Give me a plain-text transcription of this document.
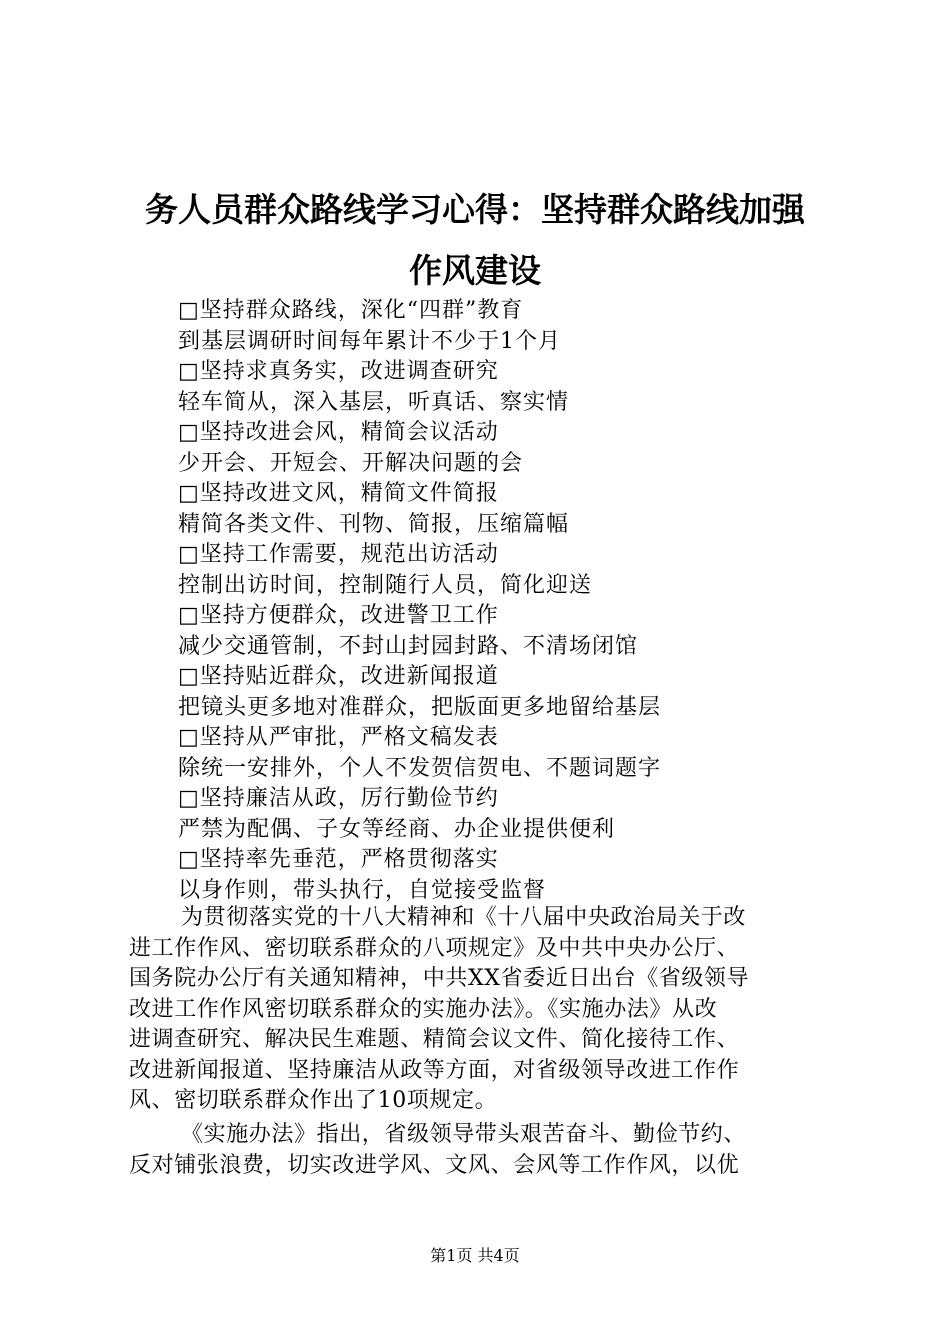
务人员群众路线学习心得：坚持群众路线加强
作风建设
□坚持群众路线，深化“四群”教育
到基层调研时间每年累计不少于1个月
□坚持求真务实，改进调查研究
轻车简从，深入基层，听真话、察实情
□坚持改进会风，精简会议活动
少开会、开短会、开解决问题的会
□坚持改进文风，精简文件简报
精简各类文件、刊物、简报，压缩篇幅
□坚持工作需要，规范出访活动
控制出访时间，控制随行人员，简化迎送
□坚持方便群众，改进警卫工作
减少交通管制，不封山封园封路、不清场闭馆
□坚持贴近群众，改进新闻报道
把镜头更多地对准群众，把版面更多地留给基层
□坚持从严审批，严格文稿发表
除统一安排外，个人不发贺信贺电、不题词题字
□坚持廉洁从政，厉行勤俭节约
严禁为配偶、子女等经商、办企业提供便利
□坚持率先垂范，严格贯彻落实
以身作则，带头执行，自觉接受监督
为贯彻落实党的十八大精神和《十八届中央政治局关于改
进工作作风、密切联系群众的八项规定》及中共中央办公厅、
国务院办公厅有关通知精神，中共XX省委近日出台《省级领导
改进工作作风密切联系群众的实施办法》。《实施办法》从改
进调查研究、解决民生难题、精简会议文件、简化接待工作、
改进新闻报道、坚持廉洁从政等方面，对省级领导改进工作作
风、密切联系群众作出了10项规定。
《实施办法》指出，省级领导带头艰苦奋斗、勤俭节约、
反对铺张浪费，切实改进学风、文风、会风等工作作风，以优
第1页 共4页
